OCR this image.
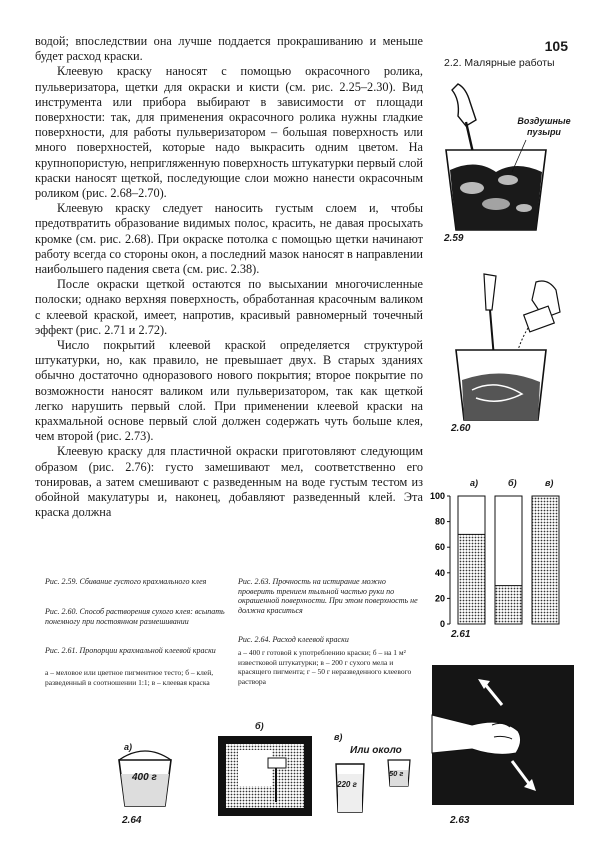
105
2.2. Малярные работы

водой; впоследствии она лучше поддается прокрашиванию и меньше будет расход краски.

Клеевую краску наносят с помощью окрасочного ролика, пульверизатора, щетки для окраски и кисти (см. рис. 2.25–2.30). Вид инструмента или прибора выбирают в зависимости от площади поверхности: так, для применения окрасочного ролика нужны гладкие поверхности, для работы пульверизатором – большая поверхность или много поверхностей, которые надо выкрасить одним цветом. На крупнопористую, непригляженную поверхность штукатурки первый слой краски наносят щеткой, последующие слои можно нанести окрасочным роликом (рис. 2.68–2.70).

Клеевую краску следует наносить густым слоем и, чтобы предотвратить образование видимых полос, красить, не давая просыхать кромке (см. рис. 2.68). При окраске потолка с помощью щетки начинают работу всегда со стороны окон, а последний мазок наносят в направлении наибольшего падения света (см. рис. 2.38).

После окраски щеткой остаются по высыхании многочисленные полоски; однако верхняя поверхность, обработанная красочным валиком с клеевой краской, имеет, напротив, красивый равномерный точечный эффект (рис. 2.71 и 2.72).

Число покрытий клеевой краской определяется структурой штукатурки, но, как правило, не превышает двух. В старых зданиях обычно достаточно одноразового нового покрытия; второе покрытие по возможности наносят валиком или пульверизатором, так как щеткой легко нарушить первый слой. При применении клеевой краски на крахмальной основе первый слой должен содержать чуть больше клея, чем второй (рис. 2.73).

Клеевую краску для пластичной окраски приготовляют следующим образом (рис. 2.76): густо замешивают мел, соответственно его тонировав, а затем смешивают с разведенным на воде густым тестом из обойной макулатуры и, наконец, добавляют разведенный клей. Эта краска должна

Воздушные пузыри
2.59
2.60
а)	б)	в)
0
20
40
60
80
100
2.61
2.63
а)
б)
в)
Или около
400 г
220 г
50 г
2.64
Рис. 2.59. Сбивание густого крахмального клея
Рис. 2.60. Способ растворения сухого клея: всыпать понемногу при постоянном размешивании
Рис. 2.61. Пропорции крахмальной клеевой краски
а – меловое или цветное пигментное тесто; б – клей, разведенный в соотношении 1:1; в – клеевая краска
Рис. 2.63. Прочность на истирание можно проверить трением тыльной частью руки по окрашенной поверхности. При этом поверхность не должна краситься
Рис. 2.64. Расход клеевой краски
а – 400 г готовой к употреблению краски; б – на 1 м² известковой штукатурки; в – 200 г сухого мела и красящего пигмента; г – 50 г неразведенного клеевого раствора
